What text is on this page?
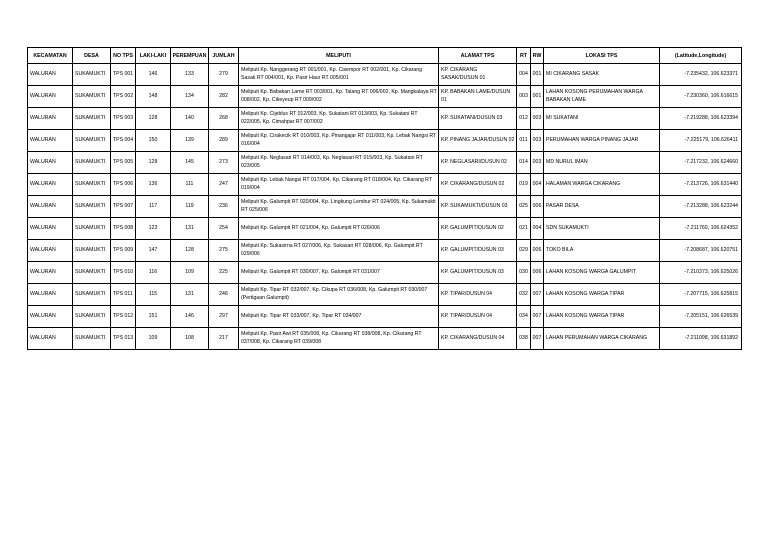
KECAMATAN	DESA	NO TPS	LAKI-LAKI	PEREMPUAN	JUMLAH	MELIPUTI	ALAMAT TPS	RT	RW	LOKASI TPS	(Latitude,Longitude)
WALURAN	SUKAMUKTI	TPS 001	146	133	279	Meliputi Kp. Nanggerang RT 001/001, Kp. Cisempor RT 002/001, Kp. Cikarang Sasak RT 004/001, Kp. Pasir Haur RT 005/001	KP. CIKARANG SASAK/DUSUN 01	004	001	MI CIKARANG SASAK	-7.235432, 106.623371
WALURAN	SUKAMUKTI	TPS 002	148	134	282	Meliputi Kp. Babakan Lame RT 003/001, Kp. Talang RT 006/002, Kp. Mangkalaya RT 008/002, Kp. Cikeyeup RT 009/002	KP. BABAKAN LAME/DUSUN 01	003	001	LAHAN KOSONG PERUMAHAN WARGA BABAKAN LAME	-7.230360, 106.616615
WALURAN	SUKAMUKTI	TPS 003	128	140	268	Meliputi Kp. Cijeblus RT 012/003, Kp. Sukatani RT 013/003, Kp. Sukatani RT 022/005, Kp. Cimahpar RT 007/002	KP. SUKATANI/DUSUN 03	012	003	MI SUKATANI	-7.219288, 106.623394
WALURAN	SUKAMUKTI	TPS 004	150	139	289	Meliputi Kp. Cirakecik RT 010/003, Kp. Pinangajar RT 011/003, Kp. Lebak Nangsi RT 016/004	KP. PINANG JAJAR/DUSUN 02	011	003	PERUMAHAN WARGA PINANG JAJAR	-7.225179, 106.626411
WALURAN	SUKAMUKTI	TPS 005	128	145	273	Meliputi Kp. Neglasari RT 014/003, Kp. Neglasari RT 015/003, Kp. Sukatani RT 023/005	KP. NEGLASARI/DUSUN 02	014	003	MD NURUL IMAN	-7.217232, 106.624660
WALURAN	SUKAMUKTI	TPS 006	136	111	247	Meliputi Kp. Lebak Nangsi RT 017/004, Kp. Cikarang RT 018/004, Kp. Cikarang RT 019/004	KP. CIKARANG/DUSUN 02	019	004	HALAMAN WARGA CIKARANG	-7.213726, 106.631440
WALURAN	SUKAMUKTI	TPS 007	117	119	236	Meliputi Kp. Galumpit RT 020/004, Kp. Lingkung Lembur RT 024/005, Kp. Sukamukti RT 025/006	KP. SUKAMUKTI/DUSUN 03	025	006	PASAR DESA	-7.213288, 106.623244
WALURAN	SUKAMUKTI	TPS 008	123	131	254	Meliputi Kp. Galumpit RT 021/004, Kp. Galumpit RT 026/006	KP. GALUMPIT/DUSUN 02	021	004	SDN SUKAMUKTI	-7.211760, 106.624352
WALURAN	SUKAMUKTI	TPS 009	147	128	275	Meliputi Kp. Sukasirna RT 027/006, Kp. Sukasari RT 028/006, Kp. Galumpit RT 029/006	KP. GALUMPIT/DUSUN 03	029	006	TOKO BILA	-7.208687, 106.620751
WALURAN	SUKAMUKTI	TPS 010	116	109	225	Meliputi Kp. Galumpit RT 030/007, Kp. Galumpit RT 031/007	KP. GALUMPIT/DUSUN 03	030	006	LAHAN KOSONG WARGA GALUMPIT	-7.210373, 106.625026
WALURAN	SUKAMUKTI	TPS 011	115	131	246	Meliputi Kp. Tipar RT 032/007, Kp. Cikupa RT 036/008, Kp. Galumpit RT 030/007 (Pertigaan Galumpit)	KP. TIPAR/DUSUN 04	032	007	LAHAN KOSONG WARGA TIPAR	-7.207715, 106.625815
WALURAN	SUKAMUKTI	TPS 012	151	146	297	Meliputi Kp. Tipar RT 033/007, Kp. Tipar RT 034/007	KP. TIPAR/DUSUN 04	034	007	LAHAN KOSONG WARGA TIPAR	-7.205151, 106.626539
WALURAN	SUKAMUKTI	TPS 013	109	108	217	Meliputi Kp. Pasir Awi RT 035/008, Kp. Cikarang RT 038/008, Kp. Cikarang RT 037/008, Kp. Cikarang RT 039/008	KP. CIKARANG/DUSUN 04	038	007	LAHAN PERUMAHAN WARGA CIKARANG	-7.211098, 106.631892
